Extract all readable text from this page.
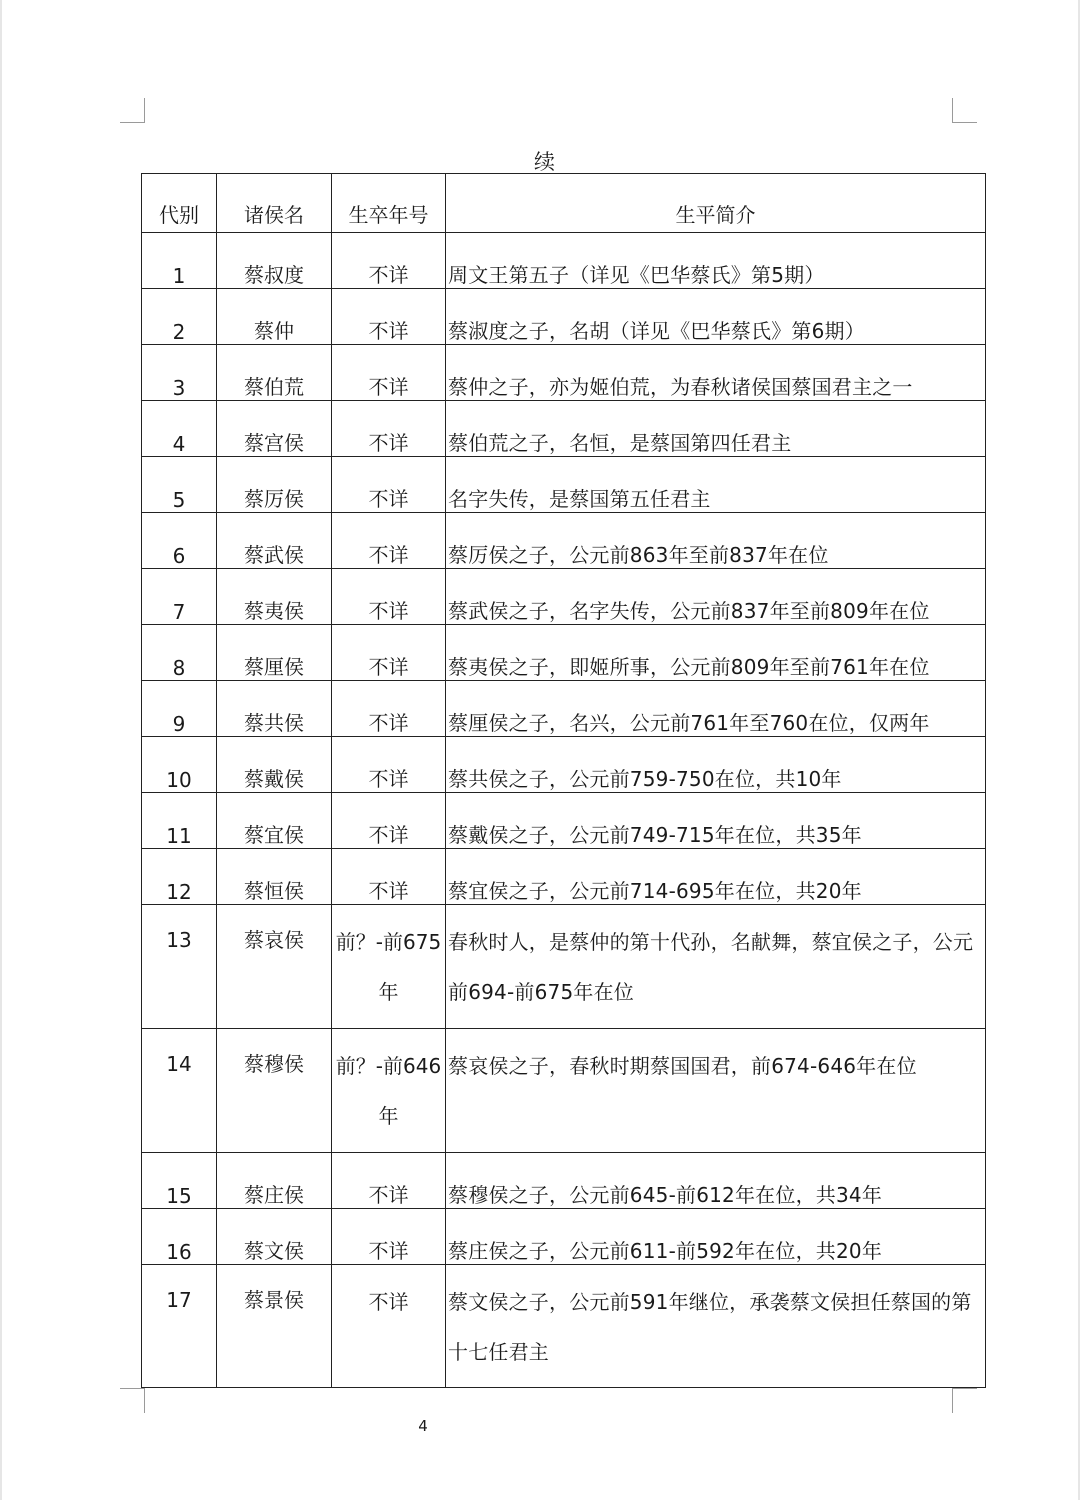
续
代别	诸侯名	生卒年号	生平简介
1	蔡叔度	不详	周文王第五子（详见《巴华蔡氏》第5期）
2	蔡仲	不详	蔡淑度之子，名胡（详见《巴华蔡氏》第6期）
3	蔡伯荒	不详	蔡仲之子，亦为姬伯荒，为春秋诸侯国蔡国君主之一
4	蔡宫侯	不详	蔡伯荒之子，名恒，是蔡国第四任君主
5	蔡厉侯	不详	名字失传，是蔡国第五任君主
6	蔡武侯	不详	蔡厉侯之子，公元前863年至前837年在位
7	蔡夷侯	不详	蔡武侯之子，名字失传，公元前837年至前809年在位
8	蔡厘侯	不详	蔡夷侯之子，即姬所事，公元前809年至前761年在位
9	蔡共侯	不详	蔡厘侯之子，名兴，公元前761年至760在位，仅两年
10	蔡戴侯	不详	蔡共侯之子，公元前759-750在位，共10年
11	蔡宜侯	不详	蔡戴侯之子，公元前749-715年在位，共35年
12	蔡恒侯	不详	蔡宜侯之子，公元前714-695年在位，共20年
13	蔡哀侯	前？-前675年	春秋时人，是蔡仲的第十代孙，名献舞，蔡宜侯之子，公元前694-前675年在位
14	蔡穆侯	前？-前646年	蔡哀侯之子，春秋时期蔡国国君，前674-646年在位
15	蔡庄侯	不详	蔡穆侯之子，公元前645-前612年在位，共34年
16	蔡文侯	不详	蔡庄侯之子，公元前611-前592年在位，共20年
17	蔡景侯	不详	蔡文侯之子，公元前591年继位，承袭蔡文侯担任蔡国的第十七任君主
4
